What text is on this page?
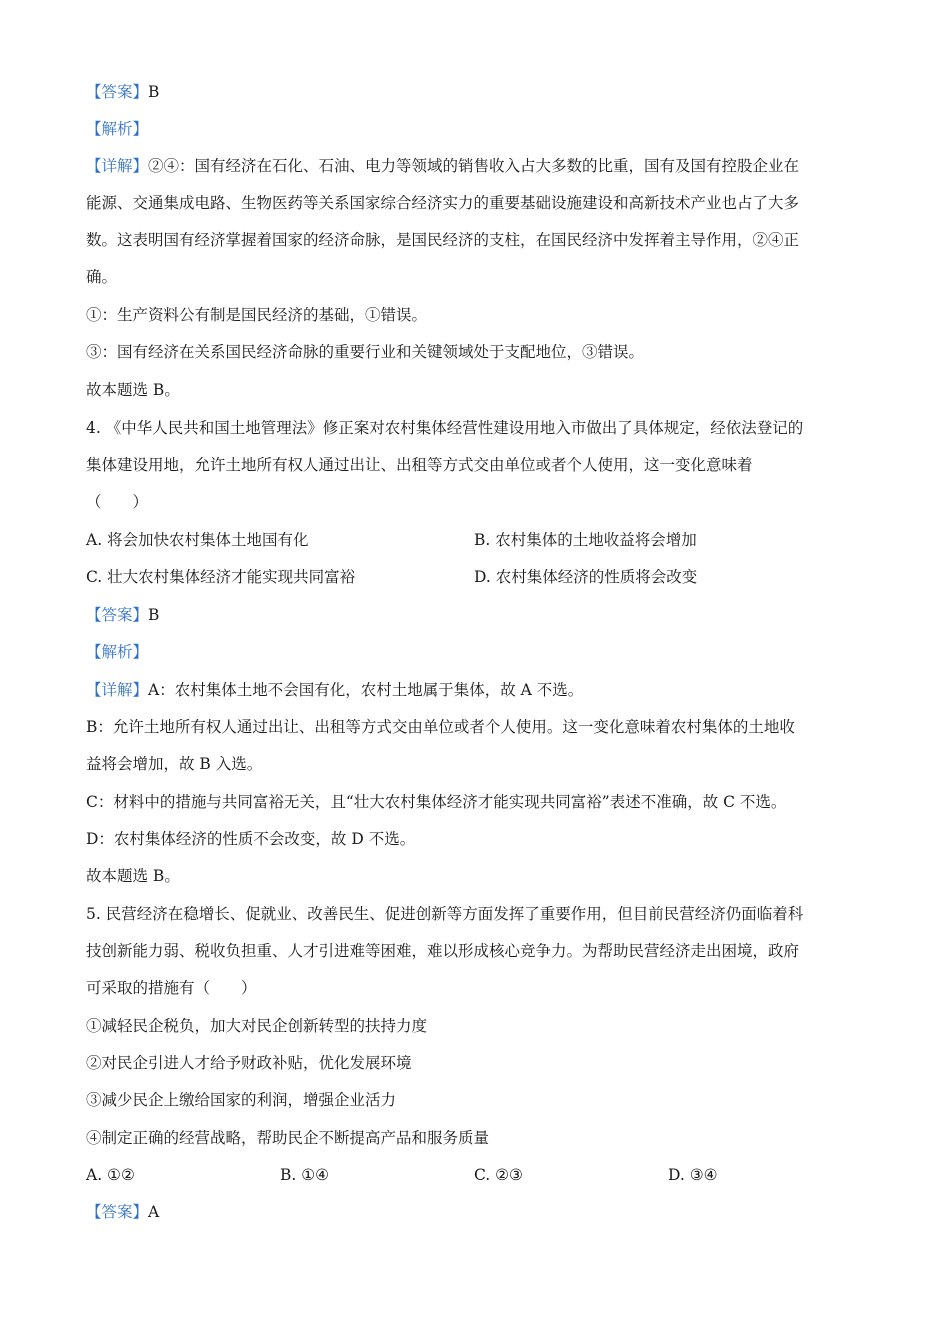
【答案】B
【解析】
【详解】②④：国有经济在石化、石油、电力等领域的销售收入占大多数的比重，国有及国有控股企业在
能源、交通集成电路、生物医药等关系国家综合经济实力的重要基础设施建设和高新技术产业也占了大多
数。这表明国有经济掌握着国家的经济命脉，是国民经济的支柱，在国民经济中发挥着主导作用，②④正
确。
①：生产资料公有制是国民经济的基础，①错误。
③：国有经济在关系国民经济命脉的重要行业和关键领域处于支配地位，③错误。
故本题选 B。
4. 《中华人民共和国土地管理法》修正案对农村集体经营性建设用地入市做出了具体规定，经依法登记的
集体建设用地，允许土地所有权人通过出让、出租等方式交由单位或者个人使用，这一变化意味着
（　　）
A. 将会加快农村集体土地国有化	B. 农村集体的土地收益将会增加
C. 壮大农村集体经济才能实现共同富裕	D. 农村集体经济的性质将会改变
【答案】B
【解析】
【详解】A：农村集体土地不会国有化，农村土地属于集体，故 A 不选。
B：允许土地所有权人通过出让、出租等方式交由单位或者个人使用。这一变化意味着农村集体的土地收
益将会增加，故 B 入选。
C：材料中的措施与共同富裕无关，且“壮大农村集体经济才能实现共同富裕”表述不准确，故 C 不选。
D：农村集体经济的性质不会改变，故 D 不选。
故本题选 B。
5. 民营经济在稳增长、促就业、改善民生、促进创新等方面发挥了重要作用，但目前民营经济仍面临着科
技创新能力弱、税收负担重、人才引进难等困难，难以形成核心竞争力。为帮助民营经济走出困境，政府
可采取的措施有（　　）
①减轻民企税负，加大对民企创新转型的扶持力度
②对民企引进人才给予财政补贴，优化发展环境
③减少民企上缴给国家的利润，增强企业活力
④制定正确的经营战略，帮助民企不断提高产品和服务质量
A. ①②	B. ①④	C. ②③	D. ③④
【答案】A
